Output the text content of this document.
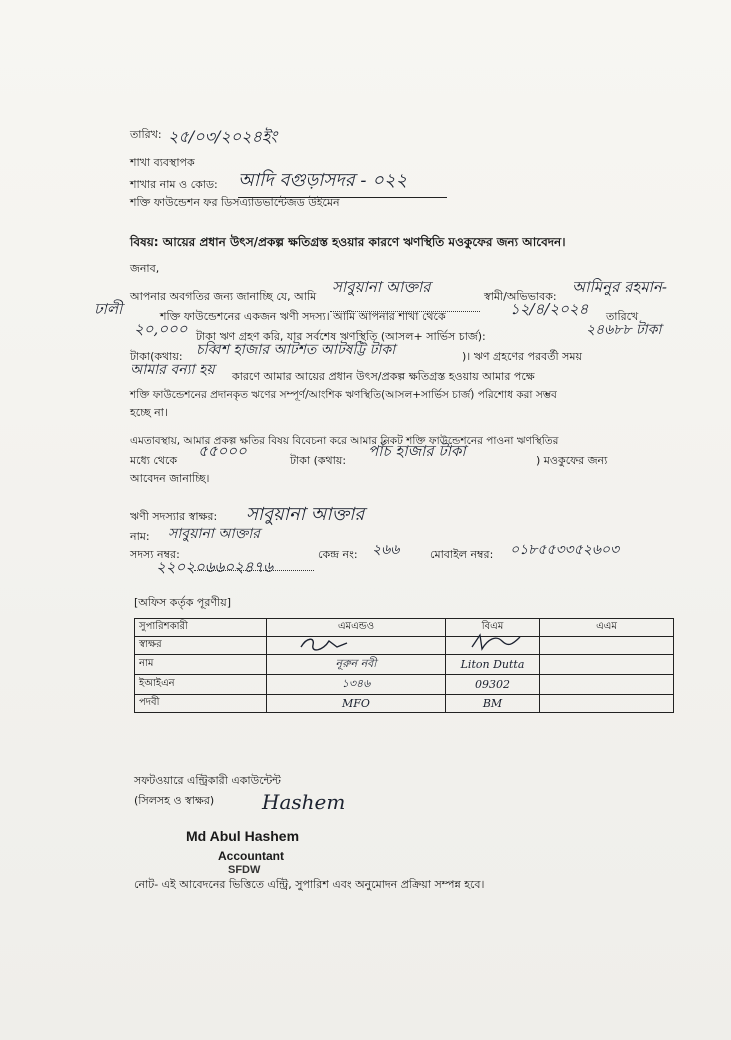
তারিখ: ২৫/০৩/২০২৪ইং
শাখা ব্যবস্থাপক
শাখার নাম ও কোড: আদি বগুড়াসদর - ০২২
শক্তি ফাউন্ডেশন ফর ডিসএ্যাডভান্টেজড উইমেন
বিষয়: আয়ের প্রধান উৎস/প্রকল্প ক্ষতিগ্রস্ত হওয়ার কারণে ঋণস্থিতি মওকুফের জন্য আবেদন।
জনাব,
আপনার অবগতির জন্য জানাচ্ছি যে, আমি
সাবুয়ানা আক্তার
স্বামী/অভিভাবক:
আমিনুর রহমান-
ঢালী	শক্তি ফাউন্ডেশনের একজন ঋণী সদস্য। আমি আপনার শাখা থেকে	১২/৪/২০২৪ তারিখে
২০,০০০ টাকা ঋণ গ্রহণ করি, যার সর্বশেষ ঋণস্থিতি (আসল+ সার্ভিস চার্জ):	২৪৬৮৮ টাকা
টাকা(কথায়: চব্বিশ হাজার আটশত আটষট্টি টাকা	)। ঋণ গ্রহণের পরবর্তী সময়
আমার বন্যা হয় কারণে আমার আয়ের প্রধান উৎস/প্রকল্প ক্ষতিগ্রস্ত হওয়ায় আমার পক্ষে
শক্তি ফাউন্ডেশনের প্রদানকৃত ঋণের সম্পূর্ণ/আংশিক ঋণস্থিতি(আসল+সার্ভিস চার্জ) পরিশোধ করা সম্ভব
হচ্ছে না।
এমতাবস্থায়, আমার প্রকল্প ক্ষতির বিষয় বিবেচনা করে আমার নিকট শক্তি ফাউন্ডেশনের পাওনা ঋণস্থিতির
মধ্যে থেকে
৫৫০০০
টাকা (কথায়:
পাঁচ হাজার টাকা
) মওকুফের জন্য
আবেদন জানাচ্ছি।
ঋণী সদস্যার স্বাক্ষর: সাবুয়ানা আক্তার
নাম: সাবুয়ানা আক্তার
সদস্য নম্বর:	কেন্দ্র নং: ২৬৬	মোবাইল নম্বর: ০১৮৫৫৩৩৫২৬০৩
২২০২০৬৬০২৪৭৬
[অফিস কর্তৃক পূরণীয়]
সুপারিশকারী	এমএন্ডও	বিএম	এএম
স্বাক্ষর	

নাম	নূরুন নবী	Liton Dutta	
ইআইএন	১৩৪৬	09302	
পদবী	MFO	BM	
সফটওয়ারে এন্ট্রিকারী একাউন্টেন্ট
(সিলসহ ও স্বাক্ষর) Hashem
Md Abul Hashem
Accountant
SFDW
নোট- এই আবেদনের ভিত্তিতে এন্ট্রি, সুপারিশ এবং অনুমোদন প্রক্রিয়া সম্পন্ন হবে।
